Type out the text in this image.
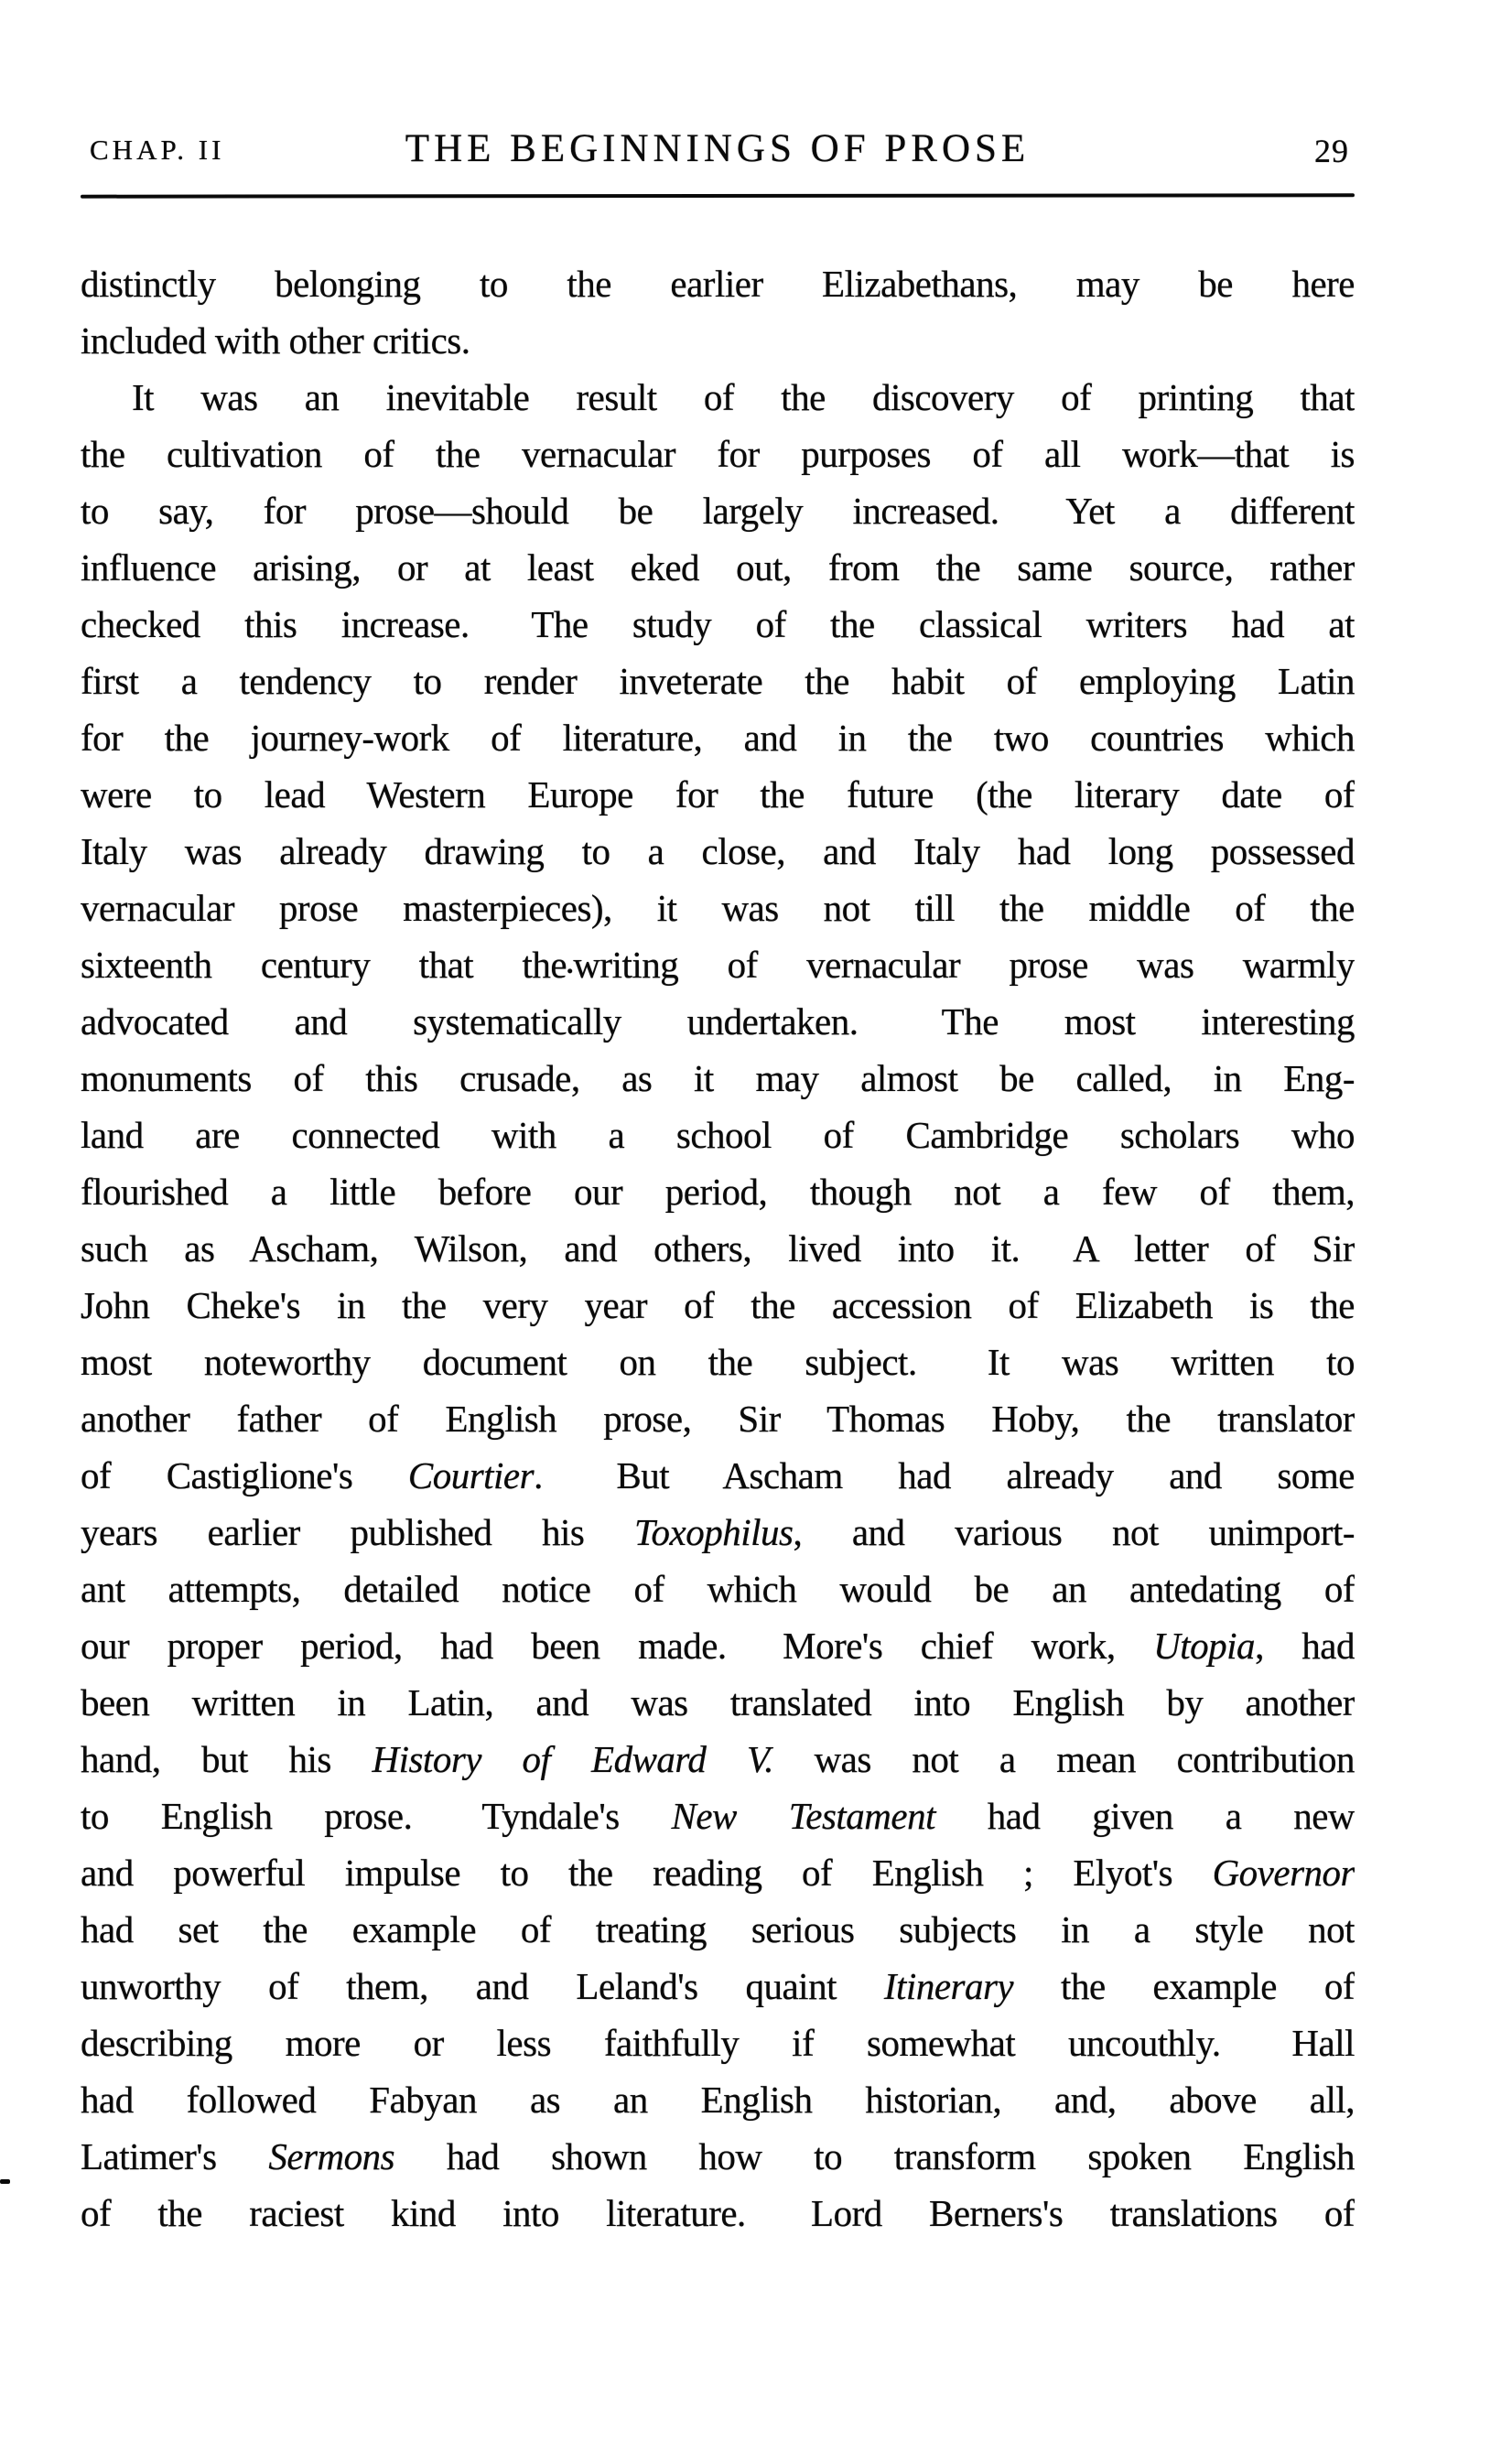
CHAP. II	THE BEGINNINGS OF PROSE	29
distinctly belonging to the earlier Elizabethans, may be here
included with other critics.
It was an inevitable result of the discovery of printing that
the cultivation of the vernacular for purposes of all work—that is
to say, for prose—should be largely increased.  Yet a different
influence arising, or at least eked out, from the same source, rather
checked this increase.  The study of the classical writers had at
first a tendency to render inveterate the habit of employing Latin
for the journey-work of literature, and in the two countries which
were to lead Western Europe for the future (the literary date of
Italy was already drawing to a close, and Italy had long possessed
vernacular prose masterpieces), it was not till the middle of the
sixteenth century that the•writing of vernacular prose was warmly
advocated and systematically undertaken.  The most interesting
monuments of this crusade, as it may almost be called, in Eng-
land are connected with a school of Cambridge scholars who
flourished a little before our period, though not a few of them,
such as Ascham, Wilson, and others, lived into it.  A letter of Sir
John Cheke's in the very year of the accession of Elizabeth is the
most noteworthy document on the subject.  It was written to
another father of English prose, Sir Thomas Hoby, the translator
of Castiglione's Courtier.  But Ascham had already and some
years earlier published his Toxophilus, and various not unimport-
ant attempts, detailed notice of which would be an antedating of
our proper period, had been made.  More's chief work, Utopia, had
been written in Latin, and was translated into English by another
hand, but his History of Edward V. was not a mean contribution
to English prose.  Tyndale's New Testament had given a new
and powerful impulse to the reading of English ; Elyot's Governor
had set the example of treating serious subjects in a style not
unworthy of them, and Leland's quaint Itinerary the example of
describing more or less faithfully if somewhat uncouthly.  Hall
had followed Fabyan as an English historian, and, above all,
Latimer's Sermons had shown how to transform spoken English
of the raciest kind into literature.  Lord Berners's translations of
